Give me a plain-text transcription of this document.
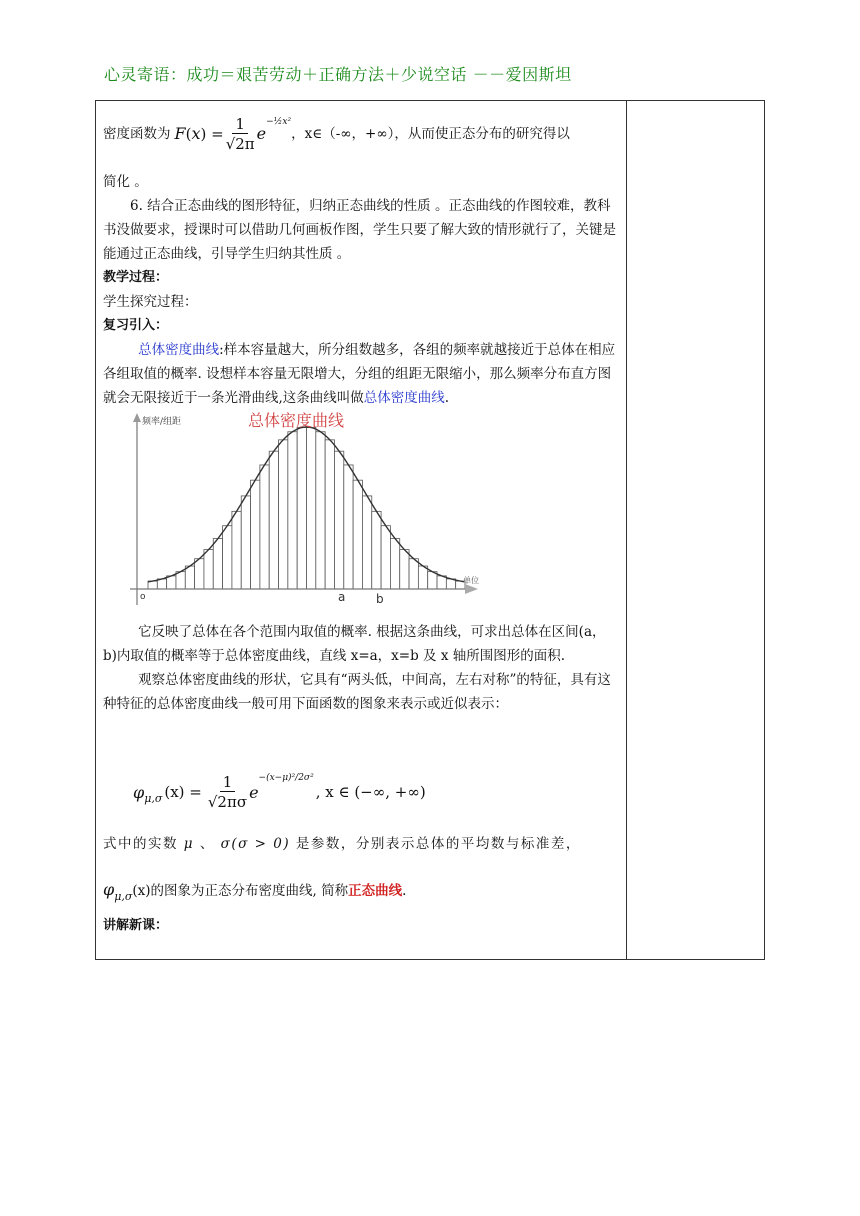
心灵寄语：成功＝艰苦劳动＋正确方法＋少说空话 －－爱因斯坦
密度函数为 F ( x ) = $\frac{1}{√2\pi}$ e
−½x²
，x∈（-∞，+∞），从而使正态分布的研究得以

简化 。

6. 结合正态曲线的图形特征，归纳正态曲线的性质 。正态曲线的作图较难，教科书没做要求，授课时可以借助几何画板作图，学生只要了解大致的情形就行了，关键是能通过正态曲线，引导学生归纳其性质 。

教学过程：

学生探究过程：

复习引入：

总体密度曲线:样本容量越大，所分组数越多，各组的频率就越接近于总体在相应各组取值的概率. 设想样本容量无限增大，分组的组距无限缩小，那么频率分布直方图就会无限接近于一条光滑曲线,这条曲线叫做总体密度曲线.

频率/组距	总体密度曲线
单位
o	a	b

它反映了总体在各个范围内取值的概率. 根据这条曲线，可求出总体在区间(a，b)内取值的概率等于总体密度曲线，直线 x=a，x=b 及 x 轴所围图形的面积.

观察总体密度曲线的形状，它具有“两头低，中间高，左右对称”的特征，具有这种特征的总体密度曲线一般可用下面函数的图象来表示或近似表示：

φ μ,σ $(x) = \frac{1}{√2\pi\sigma}$ e
−(x−μ)²/2σ²
, x ∈ (−∞, +∞)

式中的实数 μ 、 σ(σ > 0) 是参数，分别表示总体的平均数与标准差，

$\varphi_{\mu,\sigma}(x)$的图象为正态分布密度曲线, 简称正态曲线.

讲解新课：
